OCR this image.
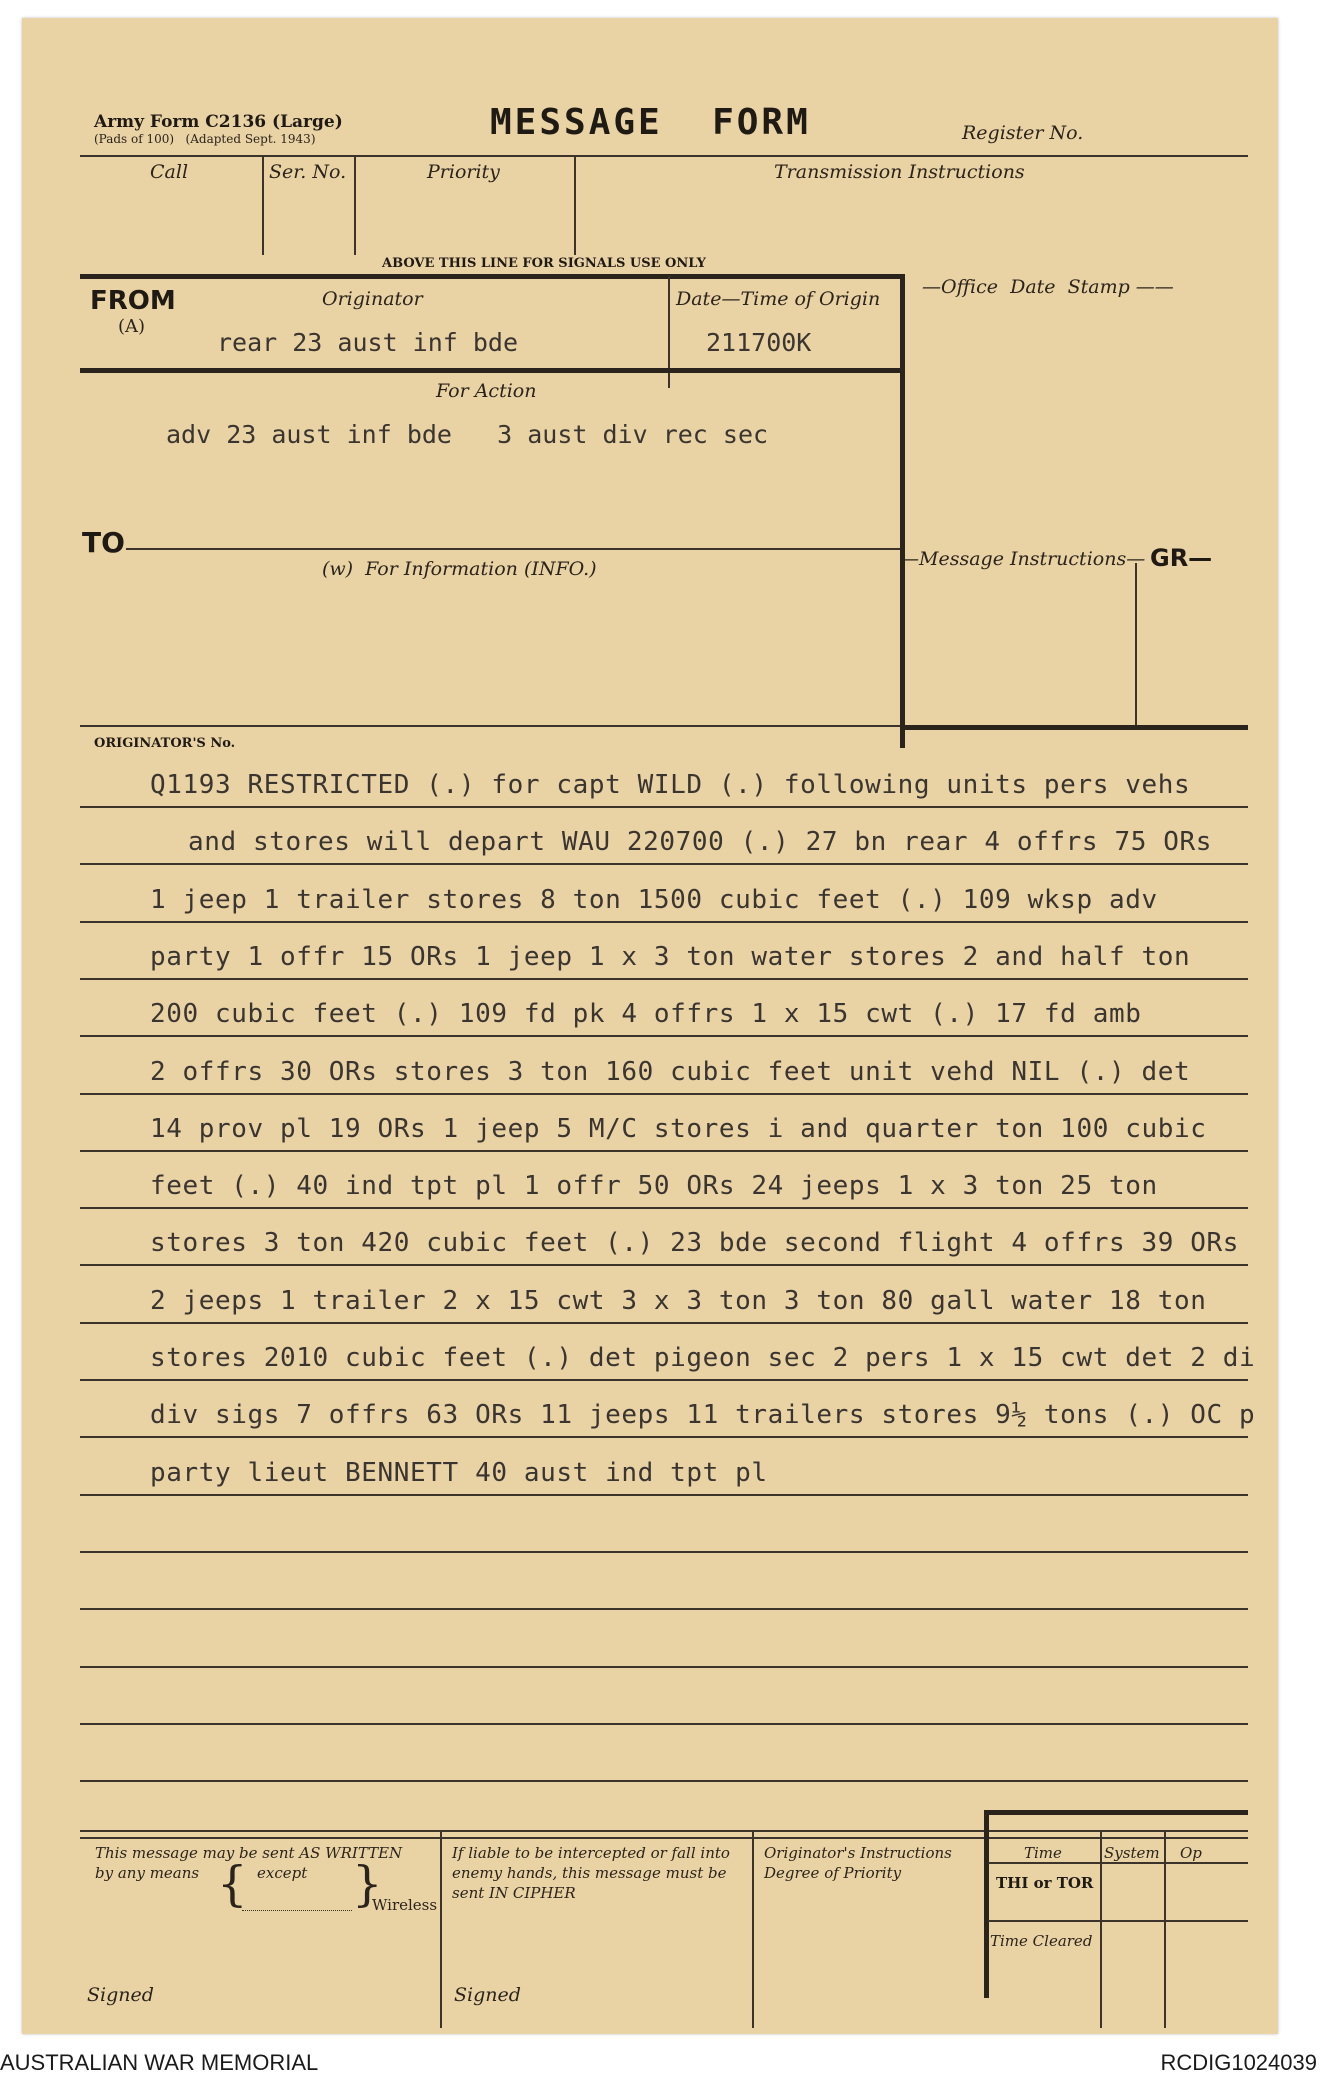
Army Form C2136 (Large)
(Pads of 100)   (Adapted Sept. 1943)	MESSAGE  FORM	Register No.
Call	Ser. No.	Priority	Transmission Instructions
ABOVE THIS LINE FOR SIGNALS USE ONLY
FROM
(A)
Originator
rear 23 aust inf bde
Date—Time of Origin
211700K
—Office  Date  Stamp ——
For Action
adv 23 aust inf bde   3 aust div rec sec
TO
(w)  For Information (INFO.)	—Message Instructions— GR—
ORIGINATOR'S No.
Q1193 RESTRICTED (.) for capt WILD (.) following units pers vehs
and stores will depart WAU 220700 (.) 27 bn rear 4 offrs 75 ORs
1 jeep 1 trailer stores 8 ton 1500 cubic feet (.) 109 wksp adv
party 1 offr 15 ORs 1 jeep 1 x 3 ton water stores 2 and half ton
200 cubic feet (.) 109 fd pk 4 offrs 1 x 15 cwt (.) 17 fd amb
2 offrs 30 ORs stores 3 ton 160 cubic feet unit vehd NIL (.) det
14 prov pl 19 ORs 1 jeep 5 M/C stores i and quarter ton 100 cubic
feet (.) 40 ind tpt pl 1 offr 50 ORs 24 jeeps 1 x 3 ton 25 ton
stores 3 ton 420 cubic feet (.) 23 bde second flight 4 offrs 39 ORs
2 jeeps 1 trailer 2 x 15 cwt 3 x 3 ton 3 ton 80 gall water 18 ton
stores 2010 cubic feet (.) det pigeon sec 2 pers 1 x 15 cwt det 2 di
div sigs 7 offrs 63 ORs 11 jeeps 11 trailers stores 9½ tons (.) OC p
party lieut BENNETT 40 aust ind tpt pl
This message may be sent AS WRITTEN
by any means { except }
Wireless
Signed
If liable to be intercepted or fall into
enemy hands, this message must be
sent IN CIPHER
Signed
Originator's Instructions
Degree of Priority
Time	System Op
THI or TOR
Time Cleared
AUSTRALIAN WAR MEMORIAL	RCDIG1024039
